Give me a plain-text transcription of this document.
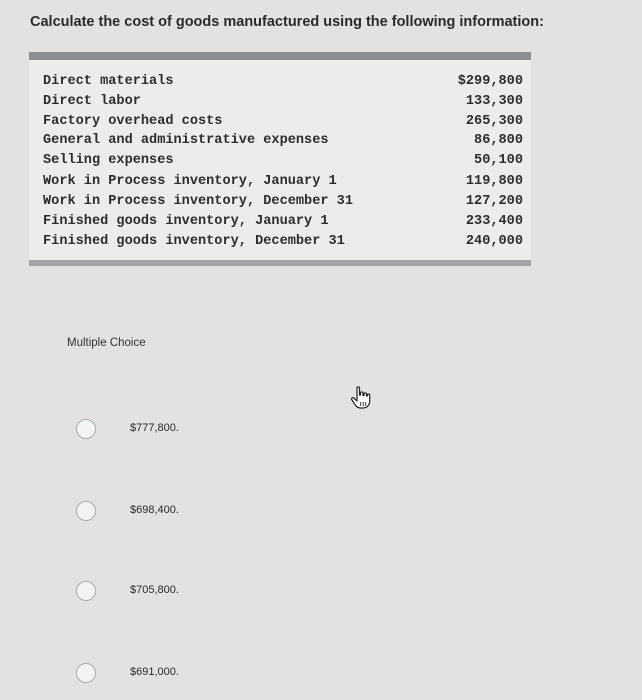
Calculate the cost of goods manufactured using the following information:
Direct materials	$299,800
Direct labor	133,300
Factory overhead costs	265,300
General and administrative expenses	86,800
Selling expenses	50,100
Work in Process inventory, January 1	119,800
Work in Process inventory, December 31	127,200
Finished goods inventory, January 1	233,400
Finished goods inventory, December 31	240,000
Multiple Choice
$777,800.
$698,400.
$705,800.
$691,000.
